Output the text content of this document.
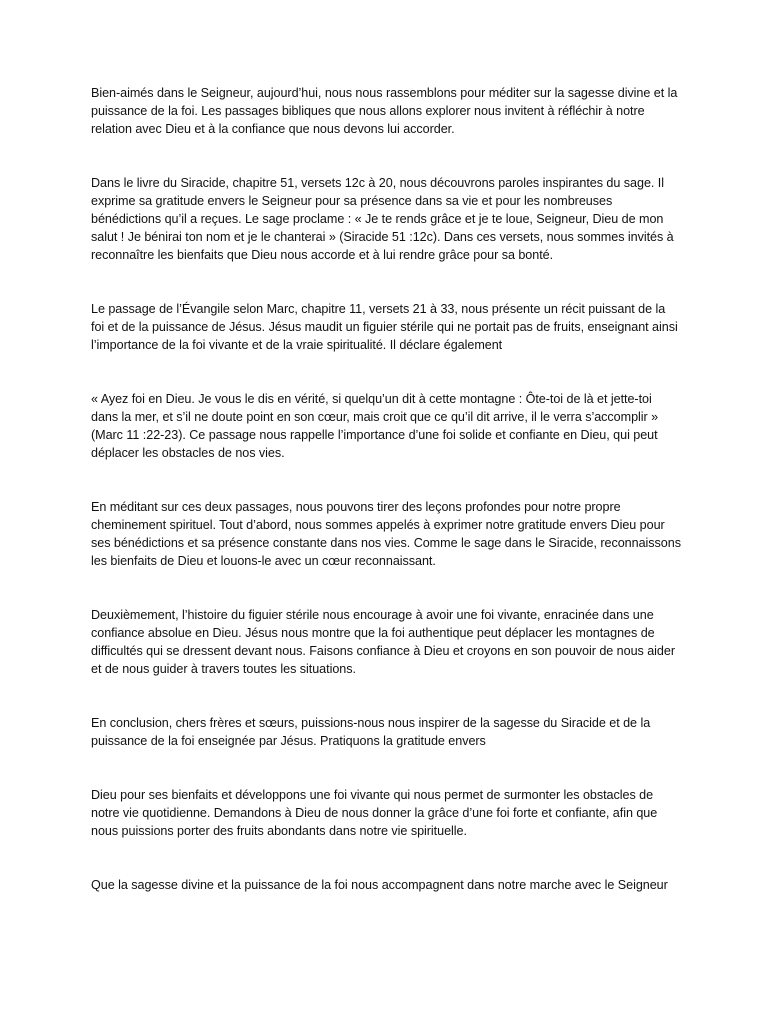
Bien-aimés dans le Seigneur, aujourd’hui, nous nous rassemblons pour méditer sur la sagesse divine et la puissance de la foi. Les passages bibliques que nous allons explorer nous invitent à réfléchir à notre relation avec Dieu et à la confiance que nous devons lui accorder.

Dans le livre du Siracide, chapitre 51, versets 12c à 20, nous découvrons paroles inspirantes du sage. Il exprime sa gratitude envers le Seigneur pour sa présence dans sa vie et pour les nombreuses bénédictions qu’il a reçues. Le sage proclame : « Je te rends grâce et je te loue, Seigneur, Dieu de mon salut ! Je bénirai ton nom et je le chanterai » (Siracide 51 :12c). Dans ces versets, nous sommes invités à reconnaître les bienfaits que Dieu nous accorde et à lui rendre grâce pour sa bonté.

Le passage de l’Évangile selon Marc, chapitre 11, versets 21 à 33, nous présente un récit puissant de la foi et de la puissance de Jésus. Jésus maudit un figuier stérile qui ne portait pas de fruits, enseignant ainsi l’importance de la foi vivante et de la vraie spiritualité. Il déclare également

« Ayez foi en Dieu. Je vous le dis en vérité, si quelqu’un dit à cette montagne : Ôte-toi de là et jette-toi dans la mer, et s’il ne doute point en son cœur, mais croit que ce qu’il dit arrive, il le verra s’accomplir » (Marc 11 :22-23). Ce passage nous rappelle l’importance d’une foi solide et confiante en Dieu, qui peut déplacer les obstacles de nos vies.

En méditant sur ces deux passages, nous pouvons tirer des leçons profondes pour notre propre cheminement spirituel. Tout d’abord, nous sommes appelés à exprimer notre gratitude envers Dieu pour ses bénédictions et sa présence constante dans nos vies. Comme le sage dans le Siracide, reconnaissons les bienfaits de Dieu et louons-le avec un cœur reconnaissant.

Deuxièmement, l’histoire du figuier stérile nous encourage à avoir une foi vivante, enracinée dans une confiance absolue en Dieu. Jésus nous montre que la foi authentique peut déplacer les montagnes de difficultés qui se dressent devant nous. Faisons confiance à Dieu et croyons en son pouvoir de nous aider et de nous guider à travers toutes les situations.

En conclusion, chers frères et sœurs, puissions-nous nous inspirer de la sagesse du Siracide et de la puissance de la foi enseignée par Jésus. Pratiquons la gratitude envers

Dieu pour ses bienfaits et développons une foi vivante qui nous permet de surmonter les obstacles de notre vie quotidienne. Demandons à Dieu de nous donner la grâce d’une foi forte et confiante, afin que nous puissions porter des fruits abondants dans notre vie spirituelle.

Que la sagesse divine et la puissance de la foi nous accompagnent dans notre marche avec le Seigneur
